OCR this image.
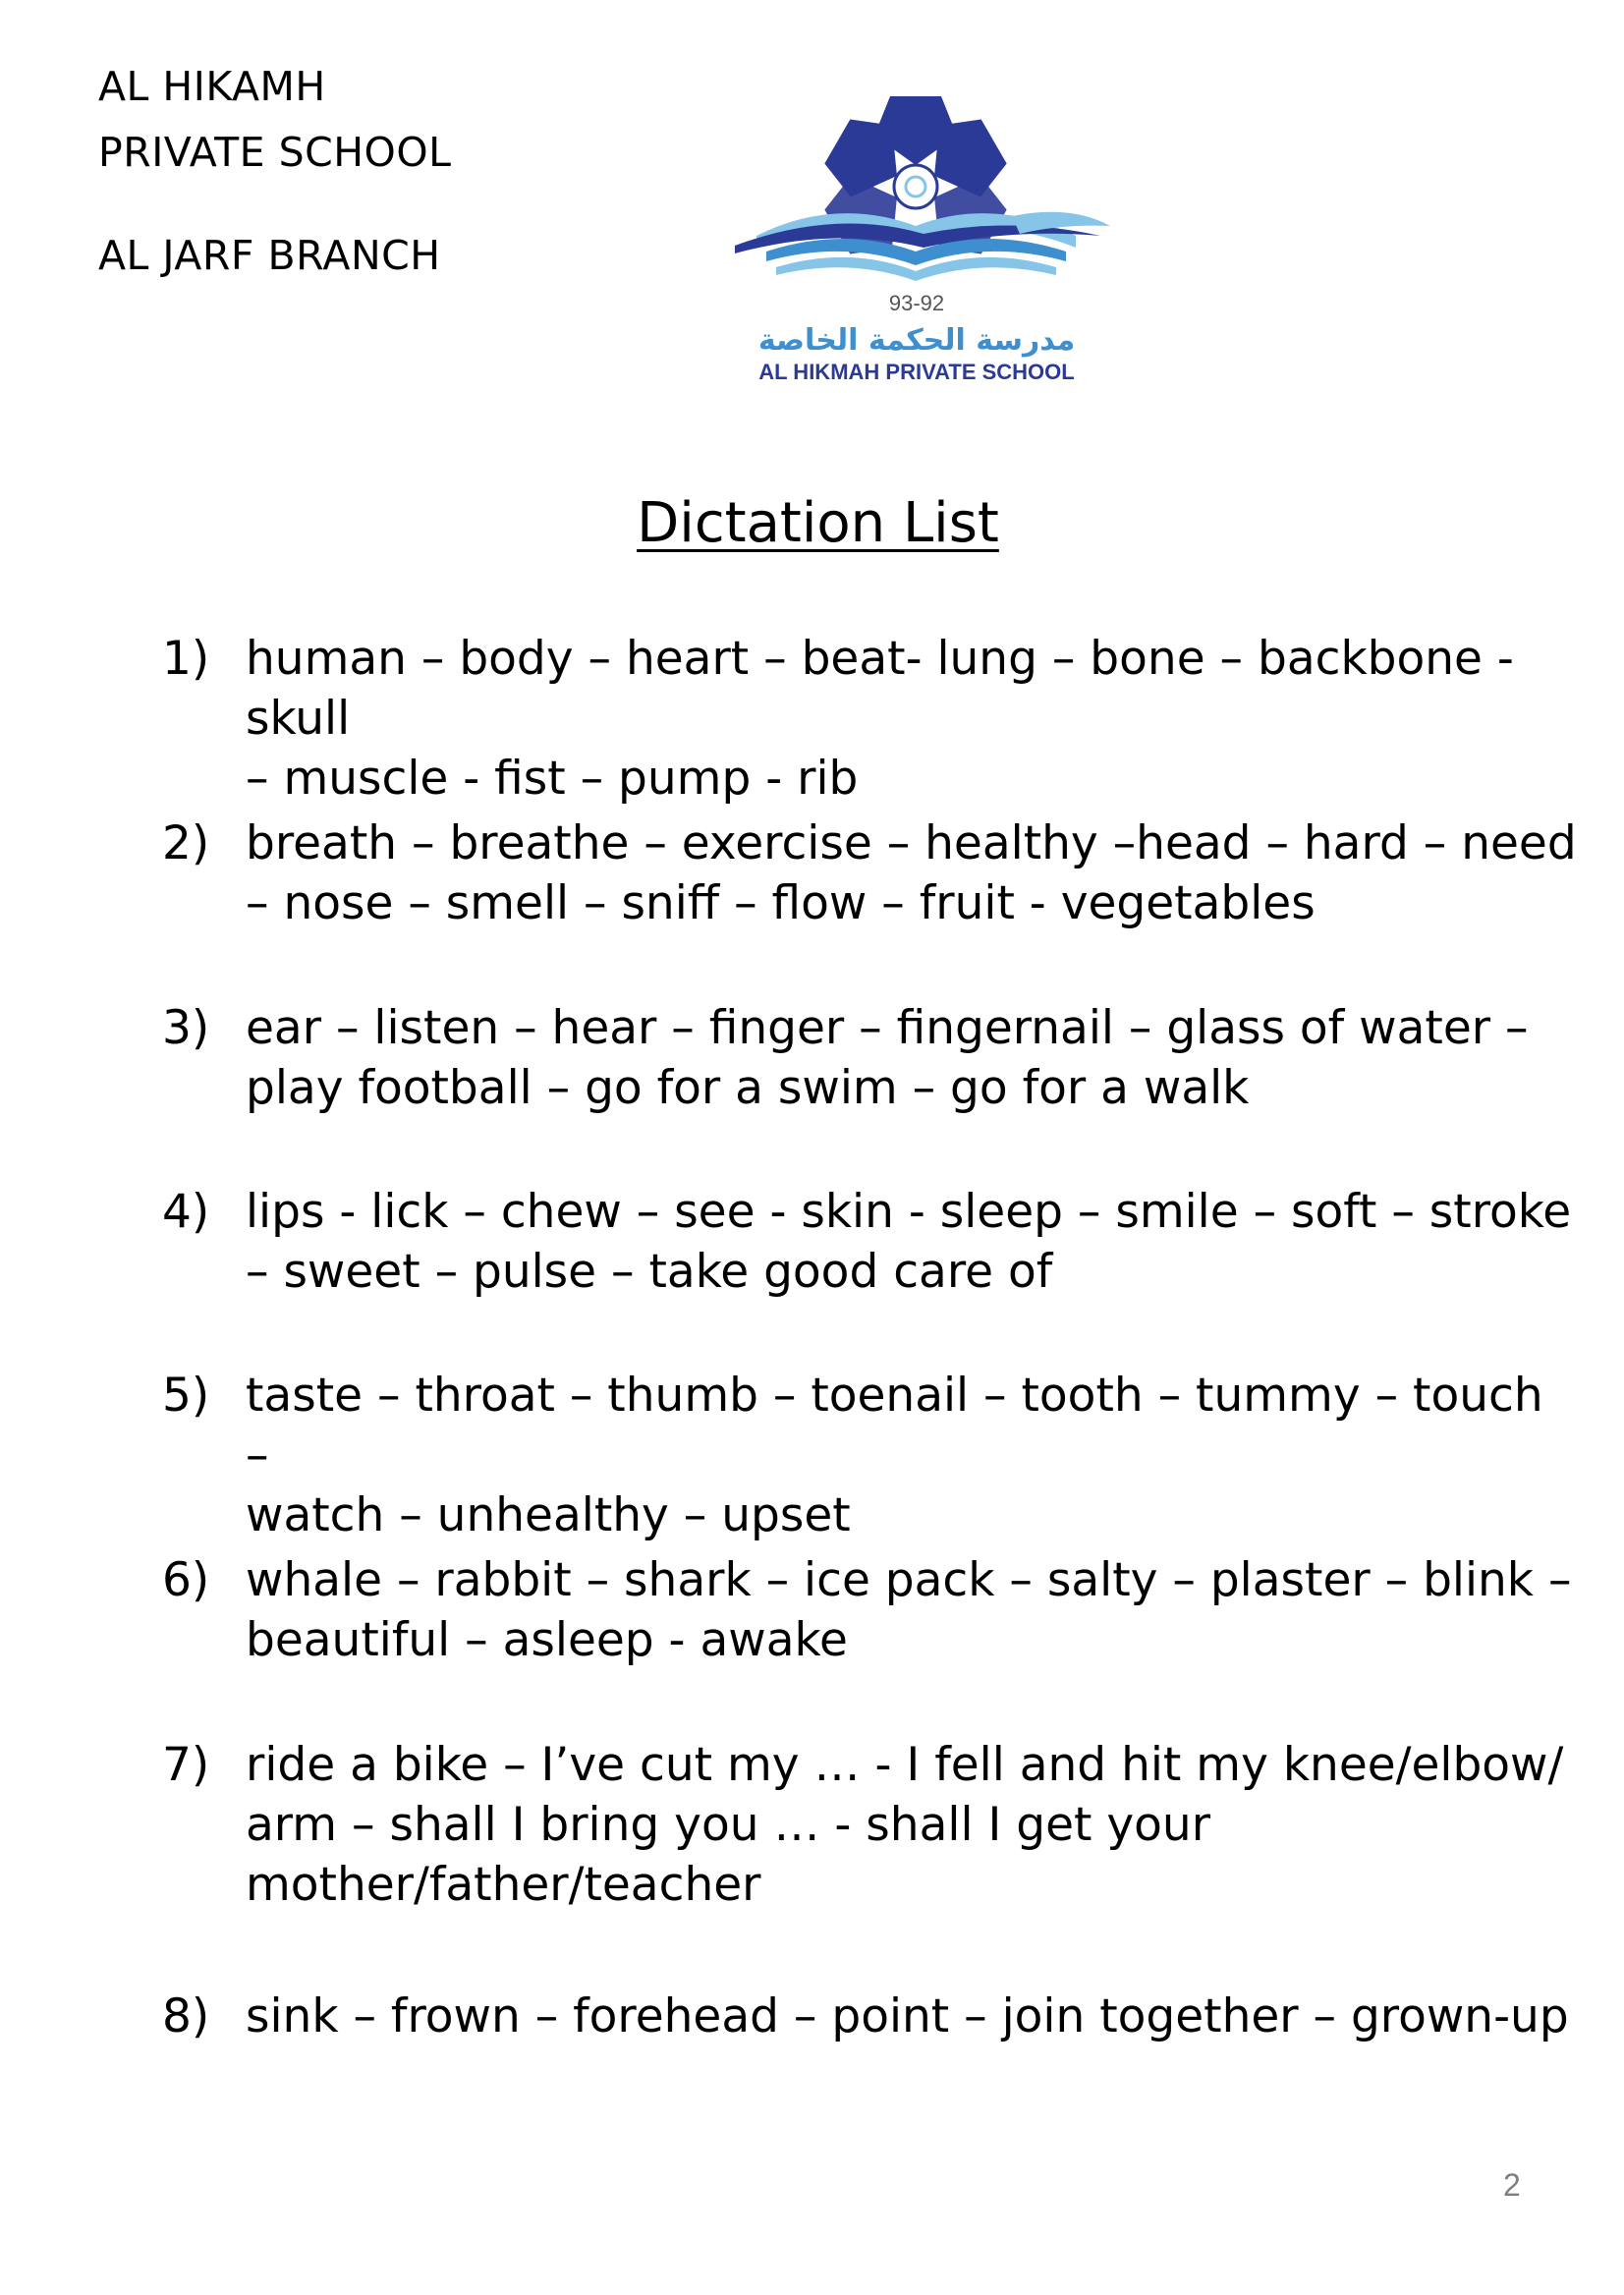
AL HIKAMH
PRIVATE SCHOOL
AL JARF BRANCH
93-92
مدرسة الحكمة الخاصة
AL HIKMAH PRIVATE SCHOOL
Dictation List
1) human – body – heart – beat- lung – bone – backbone - skull
– muscle - fist – pump - rib
2) breath – breathe – exercise – healthy –head – hard – need
– nose – smell – sniff – flow – fruit - vegetables
3) ear – listen – hear – finger – fingernail – glass of water –
play football – go for a swim – go for a walk
4) lips - lick – chew – see - skin - sleep – smile – soft – stroke
– sweet – pulse – take good care of
5) taste – throat – thumb – toenail – tooth – tummy – touch –
watch – unhealthy – upset
6) whale – rabbit – shark – ice pack – salty – plaster – blink –
beautiful – asleep - awake
7) ride a bike – I’ve cut my … - I fell and hit my knee/elbow/
arm – shall I bring you … - shall I get your
mother/father/teacher
8) sink – frown – forehead – point – join together – grown-up
2
